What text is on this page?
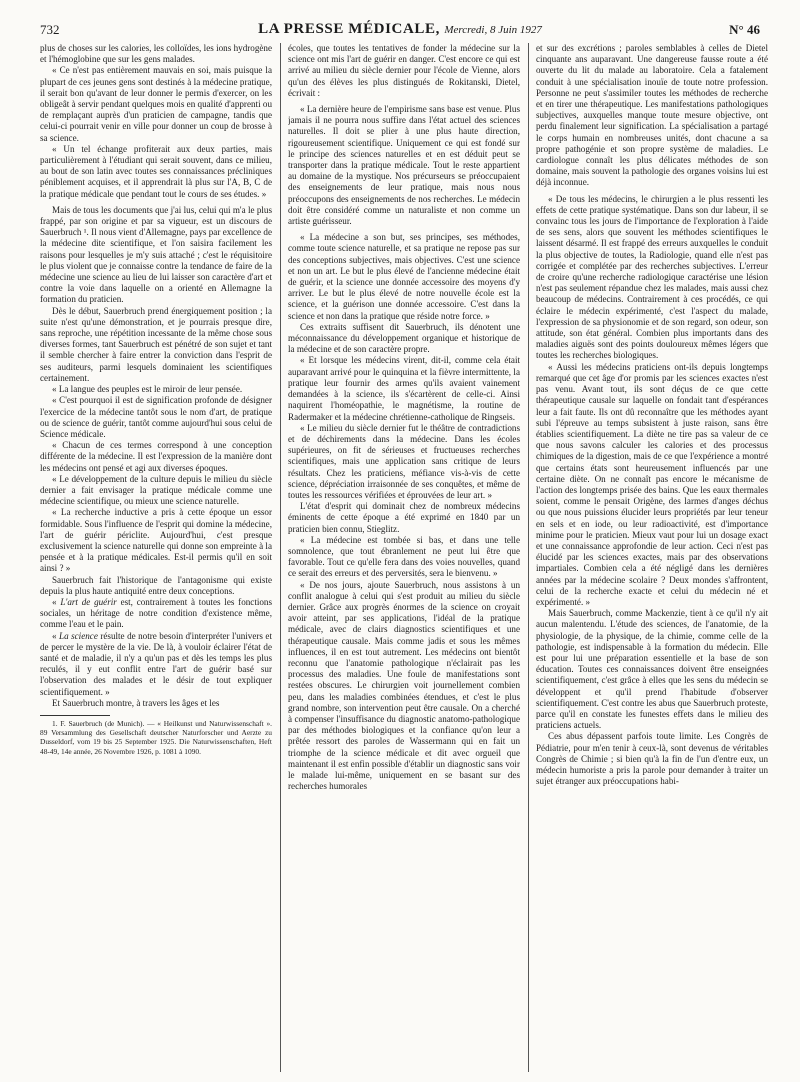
732	LA PRESSE MÉDICALE, Mercredi, 8 Juin 1927	N° 46

plus de choses sur les calories, les colloïdes, les ions hydrogène et l'hémoglobine que sur les gens malades.

« Ce n'est pas entièrement mauvais en soi, mais puisque la plupart de ces jeunes gens sont destinés à la médecine pratique, il serait bon qu'avant de leur donner le permis d'exercer, on les obligeât à servir pendant quelques mois en qualité d'apprenti ou de remplaçant auprès d'un praticien de campagne, tandis que celui-ci pourrait venir en ville pour donner un coup de brosse à sa science.

« Un tel échange profiterait aux deux parties, mais particulièrement à l'étudiant qui serait souvent, dans ce milieu, au bout de son latin avec toutes ses connaissances précliniques péniblement acquises, et il apprendrait là plus sur l'A, B, C de la pratique médicale que pendant tout le cours de ses études. »

Mais de tous les documents que j'ai lus, celui qui m'a le plus frappé, par son origine et par sa vigueur, est un discours de Sauerbruch ¹. Il nous vient d'Allemagne, pays par excellence de la médecine dite scientifique, et l'on saisira facilement les raisons pour lesquelles je m'y suis attaché ; c'est le réquisitoire le plus violent que je connaisse contre la tendance de faire de la médecine une science au lieu de lui laisser son caractère d'art et contre la voie dans laquelle on a orienté en Allemagne la formation du praticien.

Dès le début, Sauerbruch prend énergiquement position ; la suite n'est qu'une démonstration, et je pourrais presque dire, sans reproche, une répétition incessante de la même chose sous diverses formes, tant Sauerbruch est pénétré de son sujet et tant il semble chercher à faire entrer la conviction dans l'esprit de ses auditeurs, parmi lesquels dominaient les scientifiques certainement.

« La langue des peuples est le miroir de leur pensée.

« C'est pourquoi il est de signification profonde de désigner l'exercice de la médecine tantôt sous le nom d'art, de pratique ou de science de guérir, tantôt comme aujourd'hui sous celui de Science médicale.

« Chacun de ces termes correspond à une conception différente de la médecine. Il est l'expression de la manière dont les médecins ont pensé et agi aux diverses époques.

« Le développement de la culture depuis le milieu du siècle dernier a fait envisager la pratique médicale comme une médecine scientifique, ou mieux une science naturelle.

« La recherche inductive a pris à cette époque un essor formidable. Sous l'influence de l'esprit qui domine la médecine, l'art de guérir périclite. Aujourd'hui, c'est presque exclusivement la science naturelle qui donne son empreinte à la pensée et à la pratique médicales. Est-il permis qu'il en soit ainsi ? »

Sauerbruch fait l'historique de l'antagonisme qui existe depuis la plus haute antiquité entre deux conceptions.

« L'art de guérir est, contrairement à toutes les fonctions sociales, un héritage de notre condition d'existence même, comme l'eau et le pain.

« La science résulte de notre besoin d'interpréter l'univers et de percer le mystère de la vie. De là, à vouloir éclairer l'état de santé et de maladie, il n'y a qu'un pas et dès les temps les plus reculés, il y eut conflit entre l'art de guérir basé sur l'observation des malades et le désir de tout expliquer scientifiquement. »

Et Sauerbruch montre, à travers les âges et les

1. F. Sauerbruch (de Munich). — « Heilkunst und Naturwissenschaft ». 89 Versammlung des Gesellschaft deutscher Naturforscher und Aerzte zu Dusseldorf, vom 19 bis 25 September 1925. Die Naturwissenschaften, Heft 48-49, 14e année, 26 Novembre 1926, p. 1081 à 1090.

écoles, que toutes les tentatives de fonder la médecine sur la science ont mis l'art de guérir en danger. C'est encore ce qui est arrivé au milieu du siècle dernier pour l'école de Vienne, alors qu'un des élèves les plus distingués de Rokitanski, Dietel, écrivait :

« La dernière heure de l'empirisme sans base est venue. Plus jamais il ne pourra nous suffire dans l'état actuel des sciences naturelles. Il doit se plier à une plus haute direction, rigoureusement scientifique. Uniquement ce qui est fondé sur le principe des sciences naturelles et en est déduit peut se transporter dans la pratique médicale. Tout le reste appartient au domaine de la mystique. Nos précurseurs se préoccupaient des enseignements de leur pratique, mais nous nous préoccupons des enseignements de nos recherches. Le médecin doit être considéré comme un naturaliste et non comme un artiste guérisseur.

« La médecine a son but, ses principes, ses méthodes, comme toute science naturelle, et sa pratique ne repose pas sur des conceptions subjectives, mais objectives. C'est une science et non un art. Le but le plus élevé de l'ancienne médecine était de guérir, et la science une donnée accessoire des moyens d'y arriver. Le but le plus élevé de notre nouvelle école est la science, et la guérison une donnée accessoire. C'est dans la science et non dans la pratique que réside notre force. »

Ces extraits suffisent dit Sauerbruch, ils dénotent une méconnaissance du développement organique et historique de la médecine et de son caractère propre.

« Et lorsque les médecins virent, dit-il, comme cela était auparavant arrivé pour le quinquina et la fièvre intermittente, la pratique leur fournir des armes qu'ils avaient vainement demandées à la science, ils s'écartèrent de celle-ci. Ainsi naquirent l'homéopathie, le magnétisme, la routine de Radermaker et la médecine chrétienne-catholique de Ringseis.

« Le milieu du siècle dernier fut le théâtre de contradictions et de déchirements dans la médecine. Dans les écoles supérieures, on fit de sérieuses et fructueuses recherches scientifiques, mais une application sans critique de leurs résultats. Chez les praticiens, méfiance vis-à-vis de cette science, dépréciation irraisonnée de ses conquêtes, et même de toutes les ressources vérifiées et éprouvées de leur art. »

L'état d'esprit qui dominait chez de nombreux médecins éminents de cette époque a été exprimé en 1840 par un praticien bien connu, Stieglitz.

« La médecine est tombée si bas, et dans une telle somnolence, que tout ébranlement ne peut lui être que favorable. Tout ce qu'elle fera dans des voies nouvelles, quand ce serait des erreurs et des perversités, sera le bienvenu. »

« De nos jours, ajoute Sauerbruch, nous assistons à un conflit analogue à celui qui s'est produit au milieu du siècle dernier. Grâce aux progrès énormes de la science on croyait avoir atteint, par ses applications, l'idéal de la pratique médicale, avec de clairs diagnostics scientifiques et une thérapeutique causale. Mais comme jadis et sous les mêmes influences, il en est tout autrement. Les médecins ont bientôt reconnu que l'anatomie pathologique n'éclairait pas les processus des maladies. Une foule de manifestations sont restées obscures. Le chirurgien voit journellement combien peu, dans les maladies combinées étendues, et c'est le plus grand nombre, son intervention peut être causale. On a cherché à compenser l'insuffisance du diagnostic anatomo-pathologique par des méthodes biologiques et la confiance qu'on leur a prêtée ressort des paroles de Wassermann qui en fait un triomphe de la science médicale et dit avec orgueil que maintenant il est enfin possible d'établir un diagnostic sans voir le malade lui-même, uniquement en se basant sur des recherches humorales

et sur des excrétions ; paroles semblables à celles de Dietel cinquante ans auparavant. Une dangereuse fausse route a été ouverte du lit du malade au laboratoire. Cela a fatalement conduit à une spécialisation inouïe de toute notre profession. Personne ne peut s'assimiler toutes les méthodes de recherche et en tirer une thérapeutique. Les manifestations pathologiques subjectives, auxquelles manque toute mesure objective, ont perdu finalement leur signification. La spécialisation a partagé le corps humain en nombreuses unités, dont chacune a sa propre pathogénie et son propre système de maladies. Le cardiologue connaît les plus délicates méthodes de son domaine, mais souvent la pathologie des organes voisins lui est déjà inconnue.

« De tous les médecins, le chirurgien a le plus ressenti les effets de cette pratique systématique. Dans son dur labeur, il se convainc tous les jours de l'importance de l'exploration à l'aide de ses sens, alors que souvent les méthodes scientifiques le laissent désarmé. Il est frappé des erreurs auxquelles le conduit la plus objective de toutes, la Radiologie, quand elle n'est pas corrigée et complétée par des recherches subjectives. L'erreur de croire qu'une recherche radiologique caractérise une lésion n'est pas seulement répandue chez les malades, mais aussi chez beaucoup de médecins. Contrairement à ces procédés, ce qui éclaire le médecin expérimenté, c'est l'aspect du malade, l'expression de sa physionomie et de son regard, son odeur, son attitude, son état général. Combien plus importants dans des maladies aiguës sont des points douloureux mêmes légers que toutes les recherches biologiques.

« Aussi les médecins praticiens ont-ils depuis longtemps remarqué que cet âge d'or promis par les sciences exactes n'est pas venu. Avant tout, ils sont déçus de ce que cette thérapeutique causale sur laquelle on fondait tant d'espérances leur a fait faute. Ils ont dû reconnaître que les méthodes ayant subi l'épreuve au temps subsistent à juste raison, sans être établies scientifiquement. La diète ne tire pas sa valeur de ce que nous savons calculer les calories et des processus chimiques de la digestion, mais de ce que l'expérience a montré que certains états sont heureusement influencés par une certaine diète. On ne connaît pas encore le mécanisme de l'action des longtemps prisée des bains. Que les eaux thermales soient, comme le pensait Origène, des larmes d'anges déchus ou que nous puissions élucider leurs propriétés par leur teneur en sels et en iode, ou leur radioactivité, est d'importance minime pour le praticien. Mieux vaut pour lui un dosage exact et une connaissance approfondie de leur action. Ceci n'est pas élucidé par les sciences exactes, mais par des observations impartiales. Combien cela a été négligé dans les dernières années par la médecine scolaire ? Deux mondes s'affrontent, celui de la recherche exacte et celui du médecin né et expérimenté. »

Mais Sauerbruch, comme Mackenzie, tient à ce qu'il n'y ait aucun malentendu. L'étude des sciences, de l'anatomie, de la physiologie, de la physique, de la chimie, comme celle de la pathologie, est indispensable à la formation du médecin. Elle est pour lui une préparation essentielle et la base de son éducation. Toutes ces connaissances doivent être enseignées scientifiquement, c'est grâce à elles que les sens du médecin se développent et qu'il prend l'habitude d'observer scientifiquement. C'est contre les abus que Sauerbruch proteste, parce qu'il en constate les funestes effets dans le milieu des praticiens actuels.

Ces abus dépassent parfois toute limite. Les Congrès de Pédiatrie, pour m'en tenir à ceux-là, sont devenus de véritables Congrès de Chimie ; si bien qu'à la fin de l'un d'entre eux, un médecin humoriste a pris la parole pour demander à traiter un sujet étranger aux préoccupations habi-
